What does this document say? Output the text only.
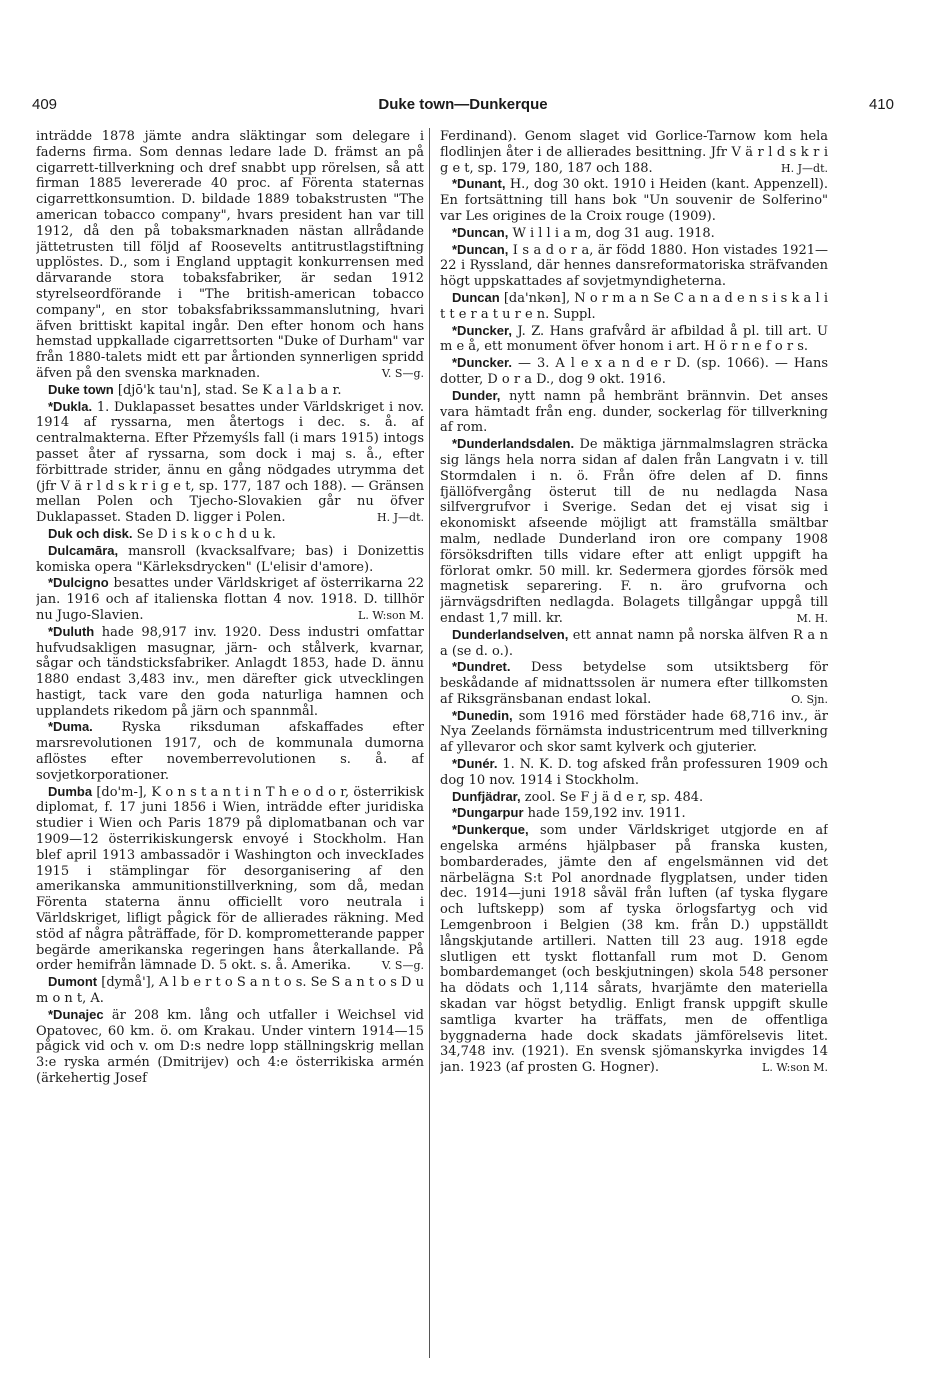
409	Duke town—Dunkerque	410

inträdde 1878 jämte andra släktingar som delegare i faderns firma. Som dennas ledare lade D. främst an på cigarrett-tillverkning och dref snabbt upp rörelsen, så att firman 1885 levererade 40 proc. af Förenta staternas cigarrettkonsumtion. D. bildade 1889 tobakstrusten "The american tobacco company", hvars president han var till 1912, då den på tobaksmarknaden nästan allrådande jättetrusten till följd af Roosevelts antitrustlagstiftning upplöstes. D., som i England upptagit konkurrensen med därvarande stora tobaksfabriker, är sedan 1912 styrelseordförande i "The british-american tobacco company", en stor tobaksfabrikssammanslutning, hvari äfven brittiskt kapital ingår. Den efter honom och hans hemstad uppkallade cigarrettsorten "Duke of Durham" var från 1880-talets midt ett par årtionden synnerligen spridd äfven på den svenska marknaden.	V. S—g.

Duke town [djō'k tau'n], stad. Se K a l a b a r.

*Dukla. 1. Duklapasset besattes under Världskriget i nov. 1914 af ryssarna, men återtogs i dec. s. å. af centralmakterna. Efter Přzemyśls fall (i mars 1915) intogs passet åter af ryssarna, som dock i maj s. å., efter förbittrade strider, ännu en gång nödgades utrymma det (jfr V ä r l d s k r i g e t, sp. 177, 187 och 188). — Gränsen mellan Polen och Tjecho-Slovakien går nu öfver Duklapasset. Staden D. ligger i Polen.	H. J—dt.

Duk och disk. Se D i s k o c h d u k.

Dulcamāra, mansroll (kvacksalfvare; bas) i Donizettis komiska opera "Kärleksdrycken" (L'elisir d'amore).

*Dulcigno besattes under Världskriget af österrikarna 22 jan. 1916 och af italienska flottan 4 nov. 1918. D. tillhör nu Jugo-Slavien.	L. W:son M.

*Duluth hade 98,917 inv. 1920. Dess industri omfattar hufvudsakligen masugnar, järn- och stålverk, kvarnar, sågar och tändsticksfabriker. Anlagdt 1853, hade D. ännu 1880 endast 3,483 inv., men därefter gick utvecklingen hastigt, tack vare den goda naturliga hamnen och upplandets rikedom på järn och spannmål.

*Duma. Ryska riksduman afskaffades efter marsrevolutionen 1917, och de kommunala dumorna aflöstes efter novemberrevolutionen s. å. af sovjetkorporationer.

Dumba [do'm-], K o n s t a n t i n T h e o d o r, österrikisk diplomat, f. 17 juni 1856 i Wien, inträdde efter juridiska studier i Wien och Paris 1879 på diplomatbanan och var 1909—12 österrikiskungersk envoyé i Stockholm. Han blef april 1913 ambassadör i Washington och inveckIades 1915 i stämplingar för desorganisering af den amerikanska ammunitionstillverkning, som då, medan Förenta staterna ännu officiellt voro neutrala i Världskriget, lifligt pågick för de allierades räkning. Med stöd af några påträffade, för D. komprometterande papper begärde amerikanska regeringen hans återkallande. På order hemifrån lämnade D. 5 okt. s. å. Amerika.	V. S—g.

Dumont [dymå'], A l b e r t o S a n t o s. Se S a n t o s D u m o n t, A.

*Dunajec är 208 km. lång och utfaller i Weichsel vid Opatovec, 60 km. ö. om Krakau. Under vintern 1914—15 pågick vid och v. om D:s nedre lopp ställningskrig mellan 3:e ryska armén (Dmitrijev) och 4:e österrikiska armén (ärkehertig Josef

Ferdinand). Genom slaget vid Gorlice-Tarnow kom hela flodlinjen åter i de allierades besittning. Jfr V ä r l d s k r i g e t, sp. 179, 180, 187 och 188.	H. J—dt.

*Dunant, H., dog 30 okt. 1910 i Heiden (kant. Appenzell). En fortsättning till hans bok "Un souvenir de Solferino" var Les origines de la Croix rouge (1909).

*Duncan, W i l l i a m, dog 31 aug. 1918.

*Duncan, I s a d o r a, är född 1880. Hon vistades 1921—22 i Ryssland, där hennes dansreformatoriska sträfvanden högt uppskattades af sovjetmyndigheterna.

Duncan [da'nkən], N o r m a n Se C a n a d e n s i s k a l i t t e r a t u r e n. Suppl.

*Duncker, J. Z. Hans grafvård är afbildad å pl. till art. U m e å, ett monument öfver honom i art. H ö r n e f o r s.

*Duncker. — 3. A l e x a n d e r D. (sp. 1066). — Hans dotter, D o r a D., dog 9 okt. 1916.

Dunder, nytt namn på hembränt brännvin. Det anses vara hämtadt från eng. dunder, sockerlag för tillverkning af rom.

*Dunderlandsdalen. De mäktiga järnmalmslagren sträcka sig längs hela norra sidan af dalen från Langvatn i v. till Stormdalen i n. ö. Från öfre delen af D. finns fjällöfvergång österut till de nu nedlagda Nasa silfvergrufvor i Sverige. Sedan det ej visat sig i ekonomiskt afseende möjligt att framställa smältbar malm, nedlade Dunderland iron ore company 1908 försöksdriften tills vidare efter att enligt uppgift ha förlorat omkr. 50 mill. kr. Sedermera gjordes försök med magnetisk separering. F. n. äro grufvorna och järnvägsdriften nedlagda. Bolagets tillgångar uppgå till endast 1,7 mill. kr.	M. H.

Dunderlandselven, ett annat namn på norska älfven R a n a (se d. o.).

*Dundret. Dess betydelse som utsiktsberg för beskådande af midnattssolen är numera efter tillkomsten af Riksgränsbanan endast lokal.	O. Sjn.

*Dunedin, som 1916 med förstäder hade 68,716 inv., är Nya Zeelands förnämsta industricentrum med tillverkning af yllevaror och skor samt kylverk och gjuterier.

*Dunér. 1. N. K. D. tog afsked från professuren 1909 och dog 10 nov. 1914 i Stockholm.

Dunfjädrar, zool. Se F j ä d e r, sp. 484.

*Dungarpur hade 159,192 inv. 1911.

*Dunkerque, som under Världskriget utgjorde en af engelska arméns hjälpbaser på franska kusten, bombarderades, jämte den af engelsmännen vid det närbelägna S:t Pol anordnade flygplatsen, under tiden dec. 1914—juni 1918 såväl från luften (af tyska flygare och luftskepp) som af tyska örlogsfartyg och vid Lemgenbroon i Belgien (38 km. från D.) uppställdt långskjutande artilleri. Natten till 23 aug. 1918 egde slutligen ett tyskt flottanfall rum mot D. Genom bombardemanget (och beskjutningen) skola 548 personer ha dödats och 1,114 sårats, hvarjämte den materiella skadan var högst betydlig. Enligt fransk uppgift skulle samtliga kvarter ha träffats, men de offentliga byggnaderna hade dock skadats jämförelsevis litet. 34,748 inv. (1921). En svensk sjömanskyrka invigdes 14 jan. 1923 (af prosten G. Hogner).	L. W:son M.
